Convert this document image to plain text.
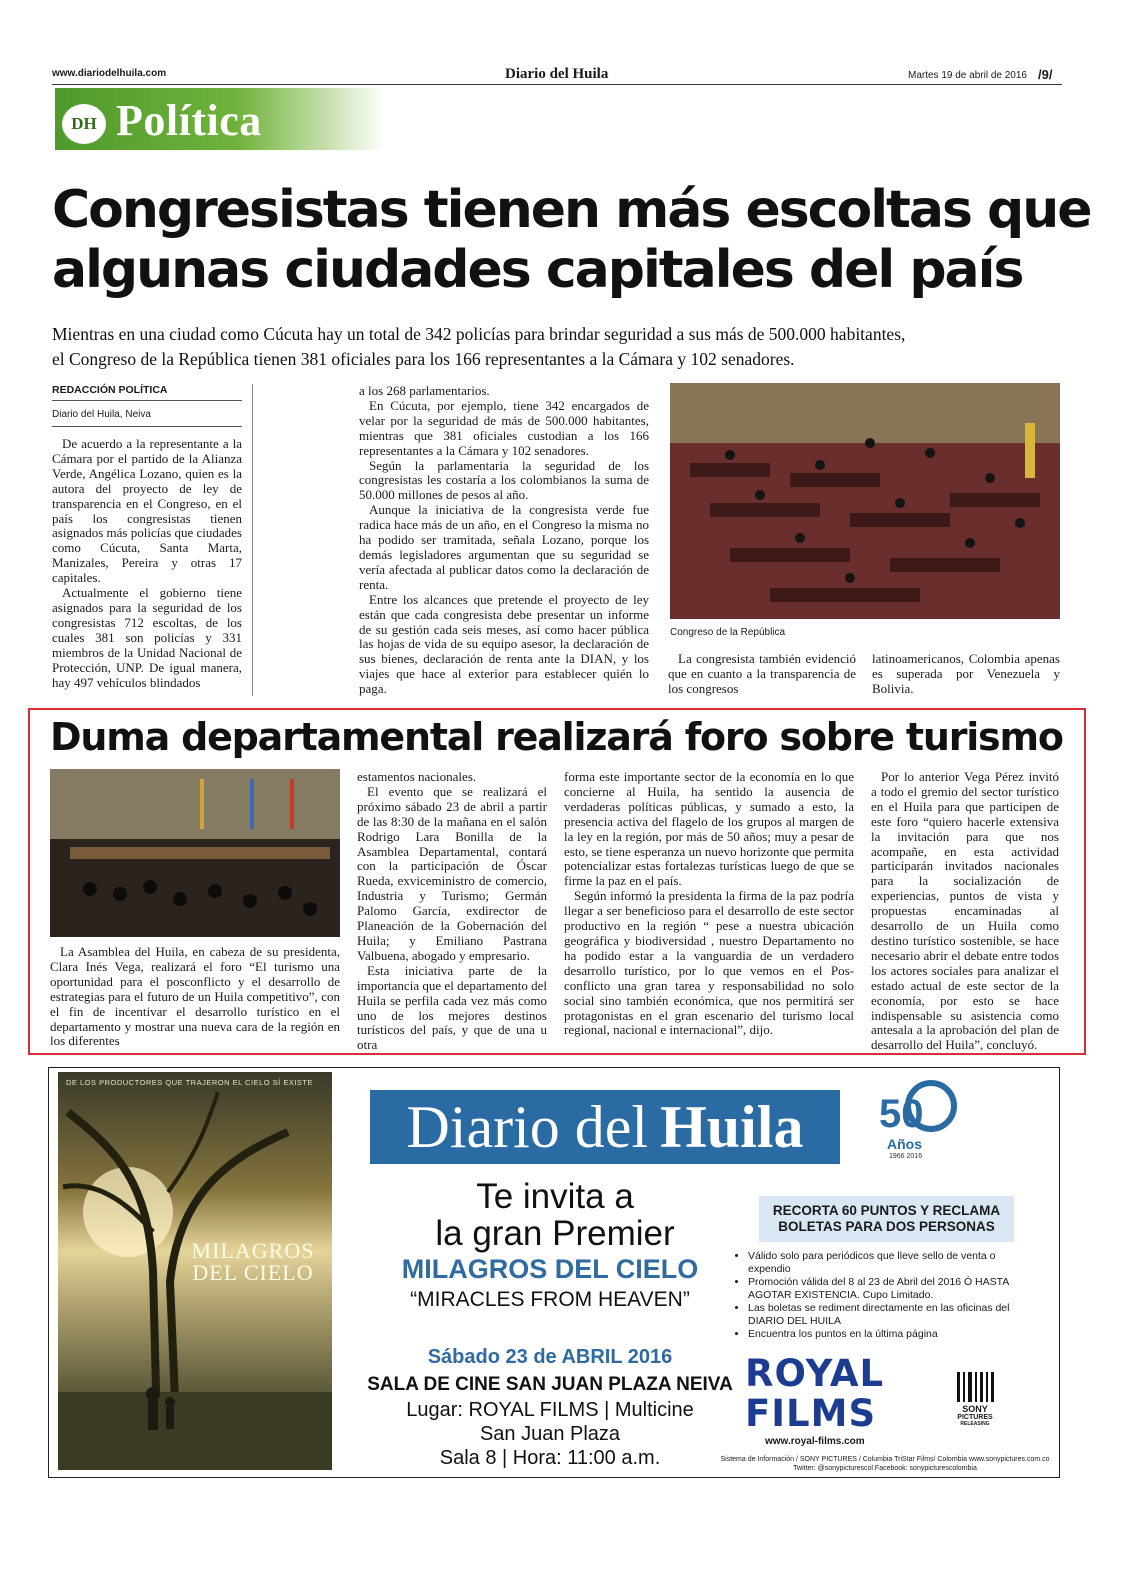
www.diariodelhuila.com	Diario del Huila	Martes 19 de abril de 2016 /9/
DH Política
Congresistas tienen más escoltas que
algunas ciudades capitales del país
Mientras en una ciudad como Cúcuta hay un total de 342 policías para brindar seguridad a sus más de 500.000 habitantes,
el Congreso de la República tienen 381 oficiales para los 166 representantes a la Cámara y 102 senadores.
REDACCIÓN POLÍTICA
Diario del Huila, Neiva

De acuerdo a la representante a la Cámara por el partido de la Alianza Verde, Angélica Lozano, quien es la autora del proyecto de ley de transparencia en el Congreso, en el país los congresistas tienen asignados más policías que ciudades como Cúcuta, Santa Marta, Manizales, Pereira y otras 17 capitales.

Actualmente el gobierno tiene asignados para la seguridad de los congresistas 712 escoltas, de los cuales 381 son policías y 331 miembros de la Unidad Nacional de Protección, UNP. De igual manera, hay 497 vehículos blindados

a los 268 parlamentarios.

En Cúcuta, por ejemplo, tiene 342 encargados de velar por la seguridad de más de 500.000 habitantes, mientras que 381 oficiales custodian a los 166 representantes a la Cámara y 102 senadores.

Según la parlamentaria la seguridad de los congresistas les costaría a los colombianos la suma de 50.000 millones de pesos al año.

Aunque la iniciativa de la congresista verde fue radica hace más de un año, en el Congreso la misma no ha podido ser tramitada, señala Lozano, porque los demás legisladores argumentan que su seguridad se vería afectada al publicar datos como la declaración de renta.

Entre los alcances que pretende el proyecto de ley están que cada congresista debe presentar un informe de su gestión cada seis meses, así como hacer pública las hojas de vida de su equipo asesor, la declaración de sus bienes, declaración de renta ante la DIAN, y los viajes que hace al exterior para establecer quién lo paga.

Congreso de la República

La congresista también evidenció que en cuanto a la transparencia de los congresos

latinoamericanos, Colombia apenas es superada por Venezuela y Bolivia.

Duma departamental realizará foro sobre turismo

La Asamblea del Huila, en cabeza de su presidenta, Clara Inés Vega, realizará el foro “El turismo una oportunidad para el posconflicto y el desarrollo de estrategias para el futuro de un Huila competitivo”, con el fin de incentivar el desarrollo turístico en el departamento y mostrar una nueva cara de la región en los diferentes

estamentos nacionales.

El evento que se realizará el próximo sábado 23 de abril a partir de las 8:30 de la mañana en el salón Rodrigo Lara Bonilla de la Asamblea Departamental, contará con la participación de Óscar Rueda, exviceministro de comercio, Industria y Turismo; Germán Palomo García, exdirector de Planeación de la Gobernación del Huila; y Emiliano Pastrana Valbuena, abogado y empresario.

Esta iniciativa parte de la importancia que el departamento del Huila se perfila cada vez más como uno de los mejores destinos turísticos del país, y que de una u otra

forma este importante sector de la economía en lo que concierne al Huila, ha sentido la ausencia de verdaderas políticas públicas, y sumado a esto, la presencia activa del flagelo de los grupos al margen de la ley en la región, por más de 50 años; muy a pesar de esto, se tiene esperanza un nuevo horizonte que permita potencializar estas fortalezas turísticas luego de que se firme la paz en el país.

Según informó la presidenta la firma de la paz podría llegar a ser beneficioso para el desarrollo de este sector productivo en la región “ pese a nuestra ubicación geográfica y biodiversidad , nuestro Departamento no ha podido estar a la vanguardia de un verdadero desarrollo turístico, por lo que vemos en el Pos-conflicto una gran tarea y responsabilidad no solo social sino también económica, que nos permitirá ser protagonistas en el gran escenario del turismo local regional, nacional e internacional”, dijo.

Por lo anterior Vega Pérez invitó a todo el gremio del sector turístico en el Huila para que participen de este foro “quiero hacerle extensiva la invitación para que nos acompañe, en esta actividad participarán invitados nacionales para la socialización de experiencias, puntos de vista y propuestas encaminadas al desarrollo de un Huila como destino turístico sostenible, se hace necesario abrir el debate entre todos los actores sociales para analizar el estado actual de este sector de la economía, por esto se hace indispensable su asistencia como antesala a la aprobación del plan de desarrollo del Huila”, concluyó.

DE LOS PRODUCTORES QUE TRAJERON EL CIELO SÍ EXISTE
MILAGROS
DEL CIELO
Diario del Huila 50
Años
1966 2016
Te invita a
la gran Premier
MILAGROS DEL CIELO
“MIRACLES FROM HEAVEN”
Sábado 23 de ABRIL 2016
SALA DE CINE SAN JUAN PLAZA NEIVA
Lugar: ROYAL FILMS | Multicine
San Juan Plaza
Sala 8 | Hora: 11:00 a.m.
RECORTA 60 PUNTOS Y RECLAMA
BOLETAS PARA DOS PERSONAS
• Válido solo para periódicos que lleve sello de venta o expendio
• Promoción válida del 8 al 23 de Abril del 2016 Ó HASTA AGOTAR EXISTENCIA. Cupo Limitado.
• Las boletas se rediment directamente en las oficinas del DIARIO DEL HUILA
• Encuentra los puntos en la última página
ROYAL
FILMS
www.royal-films.com
SONY
PICTURES
RELEASING
Sistema de Información / SONY PICTURES / Columbia TriStar Films/ Colombia www.sonypictures.com.co
Twitter: @sonypicturescol Facebook: sonypicturescolombia
